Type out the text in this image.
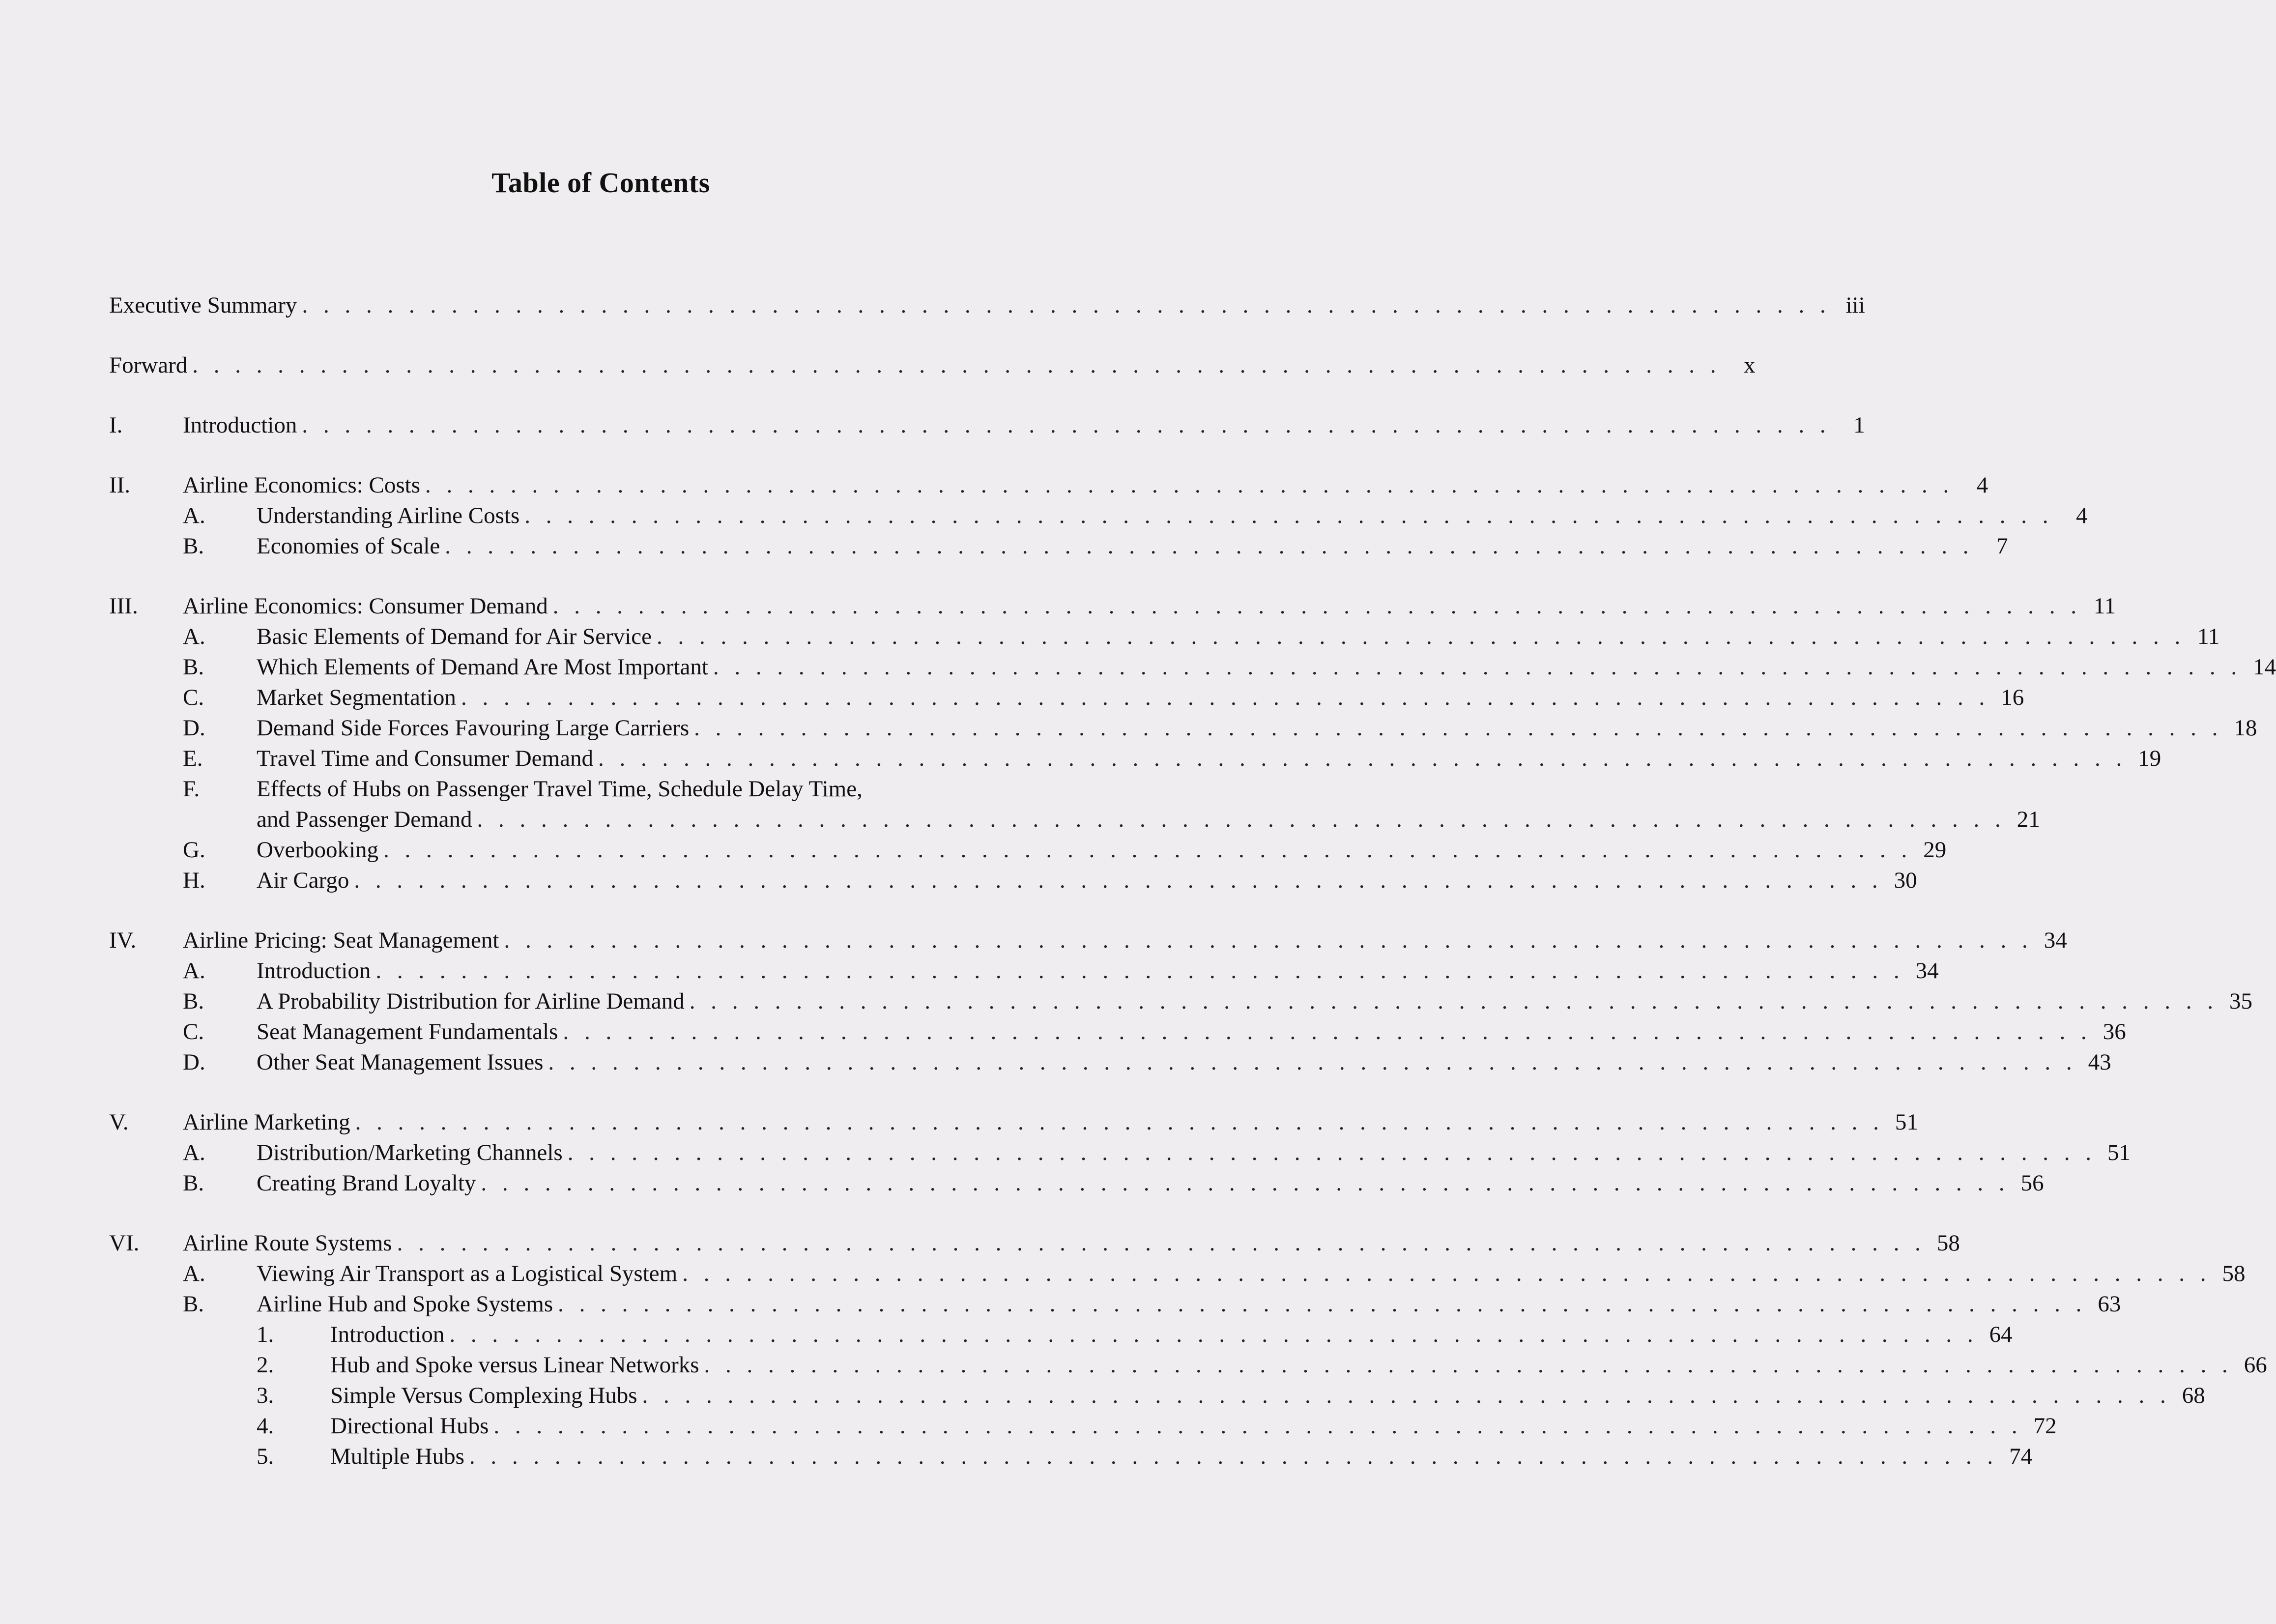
Table of Contents
Executive Summary . . . . . . . . . . . . . . . . . . . . . . . . . . . . . . . . . . . . . . . . . . . . . . . . . . . . . . . . . . . . . . . . . . . . . . . . iii
Forward . . . . . . . . . . . . . . . . . . . . . . . . . . . . . . . . . . . . . . . . . . . . . . . . . . . . . . . . . . . . . . . . . . . . . . . . x
I.	Introduction . . . . . . . . . . . . . . . . . . . . . . . . . . . . . . . . . . . . . . . . . . . . . . . . . . . . . . . . . . . . . . . . . . . . . . . . 1
II.	Airline Economics: Costs . . . . . . . . . . . . . . . . . . . . . . . . . . . . . . . . . . . . . . . . . . . . . . . . . . . . . . . . . . . . . . . . . . . . . . . . 4
A.	Understanding Airline Costs . . . . . . . . . . . . . . . . . . . . . . . . . . . . . . . . . . . . . . . . . . . . . . . . . . . . . . . . . . . . . . . . . . . . . . . . 4
B.	Economies of Scale . . . . . . . . . . . . . . . . . . . . . . . . . . . . . . . . . . . . . . . . . . . . . . . . . . . . . . . . . . . . . . . . . . . . . . . . 7
III.	Airline Economics: Consumer Demand . . . . . . . . . . . . . . . . . . . . . . . . . . . . . . . . . . . . . . . . . . . . . . . . . . . . . . . . . . . . . . . . . . . . . . . . 11
A.	Basic Elements of Demand for Air Service . . . . . . . . . . . . . . . . . . . . . . . . . . . . . . . . . . . . . . . . . . . . . . . . . . . . . . . . . . . . . . . . . . . . . . . . 11
B.	Which Elements of Demand Are Most Important . . . . . . . . . . . . . . . . . . . . . . . . . . . . . . . . . . . . . . . . . . . . . . . . . . . . . . . . . . . . . . . . . . . . . . . . 14
C.	Market Segmentation . . . . . . . . . . . . . . . . . . . . . . . . . . . . . . . . . . . . . . . . . . . . . . . . . . . . . . . . . . . . . . . . . . . . . . . . 16
D.	Demand Side Forces Favouring Large Carriers . . . . . . . . . . . . . . . . . . . . . . . . . . . . . . . . . . . . . . . . . . . . . . . . . . . . . . . . . . . . . . . . . . . . . . . . 18
E.	Travel Time and Consumer Demand . . . . . . . . . . . . . . . . . . . . . . . . . . . . . . . . . . . . . . . . . . . . . . . . . . . . . . . . . . . . . . . . . . . . . . . . 19
F.	Effects of Hubs on Passenger Travel Time, Schedule Delay Time,
and Passenger Demand . . . . . . . . . . . . . . . . . . . . . . . . . . . . . . . . . . . . . . . . . . . . . . . . . . . . . . . . . . . . . . . . . . . . . . . . 21
G.	Overbooking . . . . . . . . . . . . . . . . . . . . . . . . . . . . . . . . . . . . . . . . . . . . . . . . . . . . . . . . . . . . . . . . . . . . . . . . 29
H.	Air Cargo . . . . . . . . . . . . . . . . . . . . . . . . . . . . . . . . . . . . . . . . . . . . . . . . . . . . . . . . . . . . . . . . . . . . . . . . 30
IV.	Airline Pricing: Seat Management . . . . . . . . . . . . . . . . . . . . . . . . . . . . . . . . . . . . . . . . . . . . . . . . . . . . . . . . . . . . . . . . . . . . . . . . 34
A.	Introduction . . . . . . . . . . . . . . . . . . . . . . . . . . . . . . . . . . . . . . . . . . . . . . . . . . . . . . . . . . . . . . . . . . . . . . . . 34
B.	A Probability Distribution for Airline Demand . . . . . . . . . . . . . . . . . . . . . . . . . . . . . . . . . . . . . . . . . . . . . . . . . . . . . . . . . . . . . . . . . . . . . . . . 35
C.	Seat Management Fundamentals . . . . . . . . . . . . . . . . . . . . . . . . . . . . . . . . . . . . . . . . . . . . . . . . . . . . . . . . . . . . . . . . . . . . . . . . 36
D.	Other Seat Management Issues . . . . . . . . . . . . . . . . . . . . . . . . . . . . . . . . . . . . . . . . . . . . . . . . . . . . . . . . . . . . . . . . . . . . . . . . 43
V.	Airline Marketing . . . . . . . . . . . . . . . . . . . . . . . . . . . . . . . . . . . . . . . . . . . . . . . . . . . . . . . . . . . . . . . . . . . . . . . . 51
A.	Distribution/Marketing Channels . . . . . . . . . . . . . . . . . . . . . . . . . . . . . . . . . . . . . . . . . . . . . . . . . . . . . . . . . . . . . . . . . . . . . . . . 51
B.	Creating Brand Loyalty . . . . . . . . . . . . . . . . . . . . . . . . . . . . . . . . . . . . . . . . . . . . . . . . . . . . . . . . . . . . . . . . . . . . . . . . 56
VI.	Airline Route Systems . . . . . . . . . . . . . . . . . . . . . . . . . . . . . . . . . . . . . . . . . . . . . . . . . . . . . . . . . . . . . . . . . . . . . . . . 58
A.	Viewing Air Transport as a Logistical System . . . . . . . . . . . . . . . . . . . . . . . . . . . . . . . . . . . . . . . . . . . . . . . . . . . . . . . . . . . . . . . . . . . . . . . . 58
B.	Airline Hub and Spoke Systems . . . . . . . . . . . . . . . . . . . . . . . . . . . . . . . . . . . . . . . . . . . . . . . . . . . . . . . . . . . . . . . . . . . . . . . . 63
1.	Introduction . . . . . . . . . . . . . . . . . . . . . . . . . . . . . . . . . . . . . . . . . . . . . . . . . . . . . . . . . . . . . . . . . . . . . . . . 64
2.	Hub and Spoke versus Linear Networks . . . . . . . . . . . . . . . . . . . . . . . . . . . . . . . . . . . . . . . . . . . . . . . . . . . . . . . . . . . . . . . . . . . . . . . . 66
3.	Simple Versus Complexing Hubs . . . . . . . . . . . . . . . . . . . . . . . . . . . . . . . . . . . . . . . . . . . . . . . . . . . . . . . . . . . . . . . . . . . . . . . . 68
4.	Directional Hubs . . . . . . . . . . . . . . . . . . . . . . . . . . . . . . . . . . . . . . . . . . . . . . . . . . . . . . . . . . . . . . . . . . . . . . . . 72
5.	Multiple Hubs . . . . . . . . . . . . . . . . . . . . . . . . . . . . . . . . . . . . . . . . . . . . . . . . . . . . . . . . . . . . . . . . . . . . . . . . 74
